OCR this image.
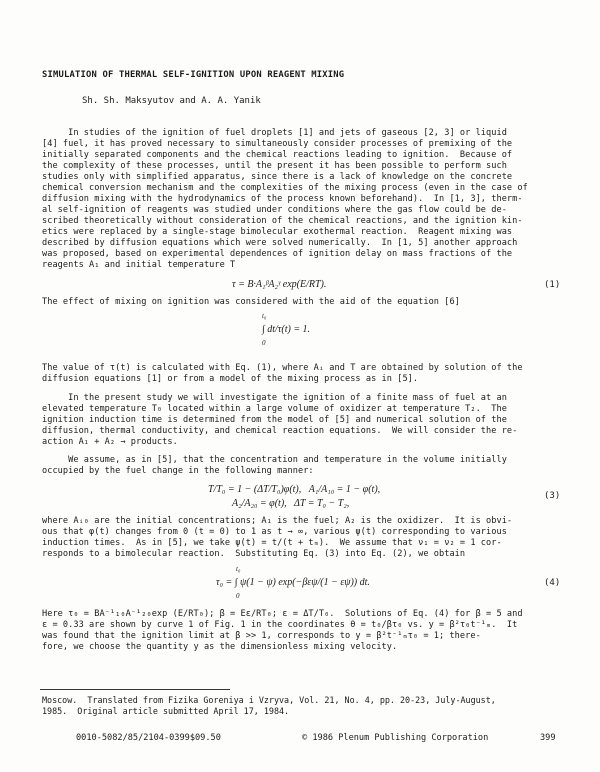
SIMULATION OF THERMAL SELF-IGNITION UPON REAGENT MIXING
Sh. Sh. Maksyutov and A. A. Yanik
In studies of the ignition of fuel droplets [1] and jets of gaseous [2, 3] or liquid
[4] fuel, it has proved necessary to simultaneously consider processes of premixing of the
initially separated components and the chemical reactions leading to ignition.  Because of
the complexity of these processes, until the present it has been possible to perform such
studies only with simplified apparatus, since there is a lack of knowledge on the concrete
chemical conversion mechanism and the complexities of the mixing process (even in the case of
diffusion mixing with the hydrodynamics of the process known beforehand).  In [1, 3], therm-
al self-ignition of reagents was studied under conditions where the gas flow could be de-
scribed theoretically without consideration of the chemical reactions, and the ignition kin-
etics were replaced by a single-stage bimolecular exothermal reaction.  Reagent mixing was
described by diffusion equations which were solved numerically.  In [1, 5] another approach
was proposed, based on experimental dependences of ignition delay on mass fractions of the
reagents A₁ and initial temperature T
τ = B·A₁ᵝA₂ᵞ exp(E/RT).	(1)
The effect of mixing on ignition was considered with the aid of the equation [6]
t₀
∫ dt/τ(t) = 1.
0
The value of τ(t) is calculated with Eq. (1), where Aᵢ and T are obtained by solution of the
diffusion equations [1] or from a model of the mixing process as in [5].
In the present study we will investigate the ignition of a finite mass of fuel at an
elevated temperature T₀ located within a large volume of oxidizer at temperature T₂.  The
ignition induction time is determined from the model of [5] and numerical solution of the
diffusion, thermal conductivity, and chemical reaction equations.  We will consider the re-
action A₁ + A₂ → products.
We assume, as in [5], that the concentration and temperature in the volume initially
occupied by the fuel change in the following manner:
T/T₀ = 1 − (ΔT/T₀)φ(t),   A₁/A₁₀ = 1 − φ(t),
A₂/A₂₀ = φ(t),   ΔT = T₀ − T₂,
(3)
where Aᵢ₀ are the initial concentrations; A₁ is the fuel; A₂ is the oxidizer.  It is obvi-
ous that φ(t) changes from 0 (t = 0) to 1 as t → ∞, various ψ(t) corresponding to various
induction times.  As in [5], we take ψ(t) = t/(t + tₘ).  We assume that ν₁ = ν₂ = 1 cor-
responds to a bimolecular reaction.  Substituting Eq. (3) into Eq. (2), we obtain
t₀
τ₀ = ∫ ψ(1 − ψ) exp(−βεψ/(1 − εψ)) dt.
0
(4)
Here τ₀ = BA⁻¹₁₀A⁻¹₂₀exp (E/RT₀); β = Eε/RT₀; ε = ΔT/T₀.  Solutions of Eq. (4) for β = 5 and
ε = 0.33 are shown by curve 1 of Fig. 1 in the coordinates θ = t₀/βτ₀ vs. y = β²τ₀t⁻¹ₘ.  It
was found that the ignition limit at β >> 1, corresponds to y = β²t⁻¹ₘτ₀ = 1; there-
fore, we choose the quantity y as the dimensionless mixing velocity.
Moscow.  Translated from Fizika Goreniya i Vzryva, Vol. 21, No. 4, pp. 20-23, July-August,
1985.  Original article submitted April 17, 1984.
0010-5082/85/2104-0399$09.50	© 1986 Plenum Publishing Corporation	399
